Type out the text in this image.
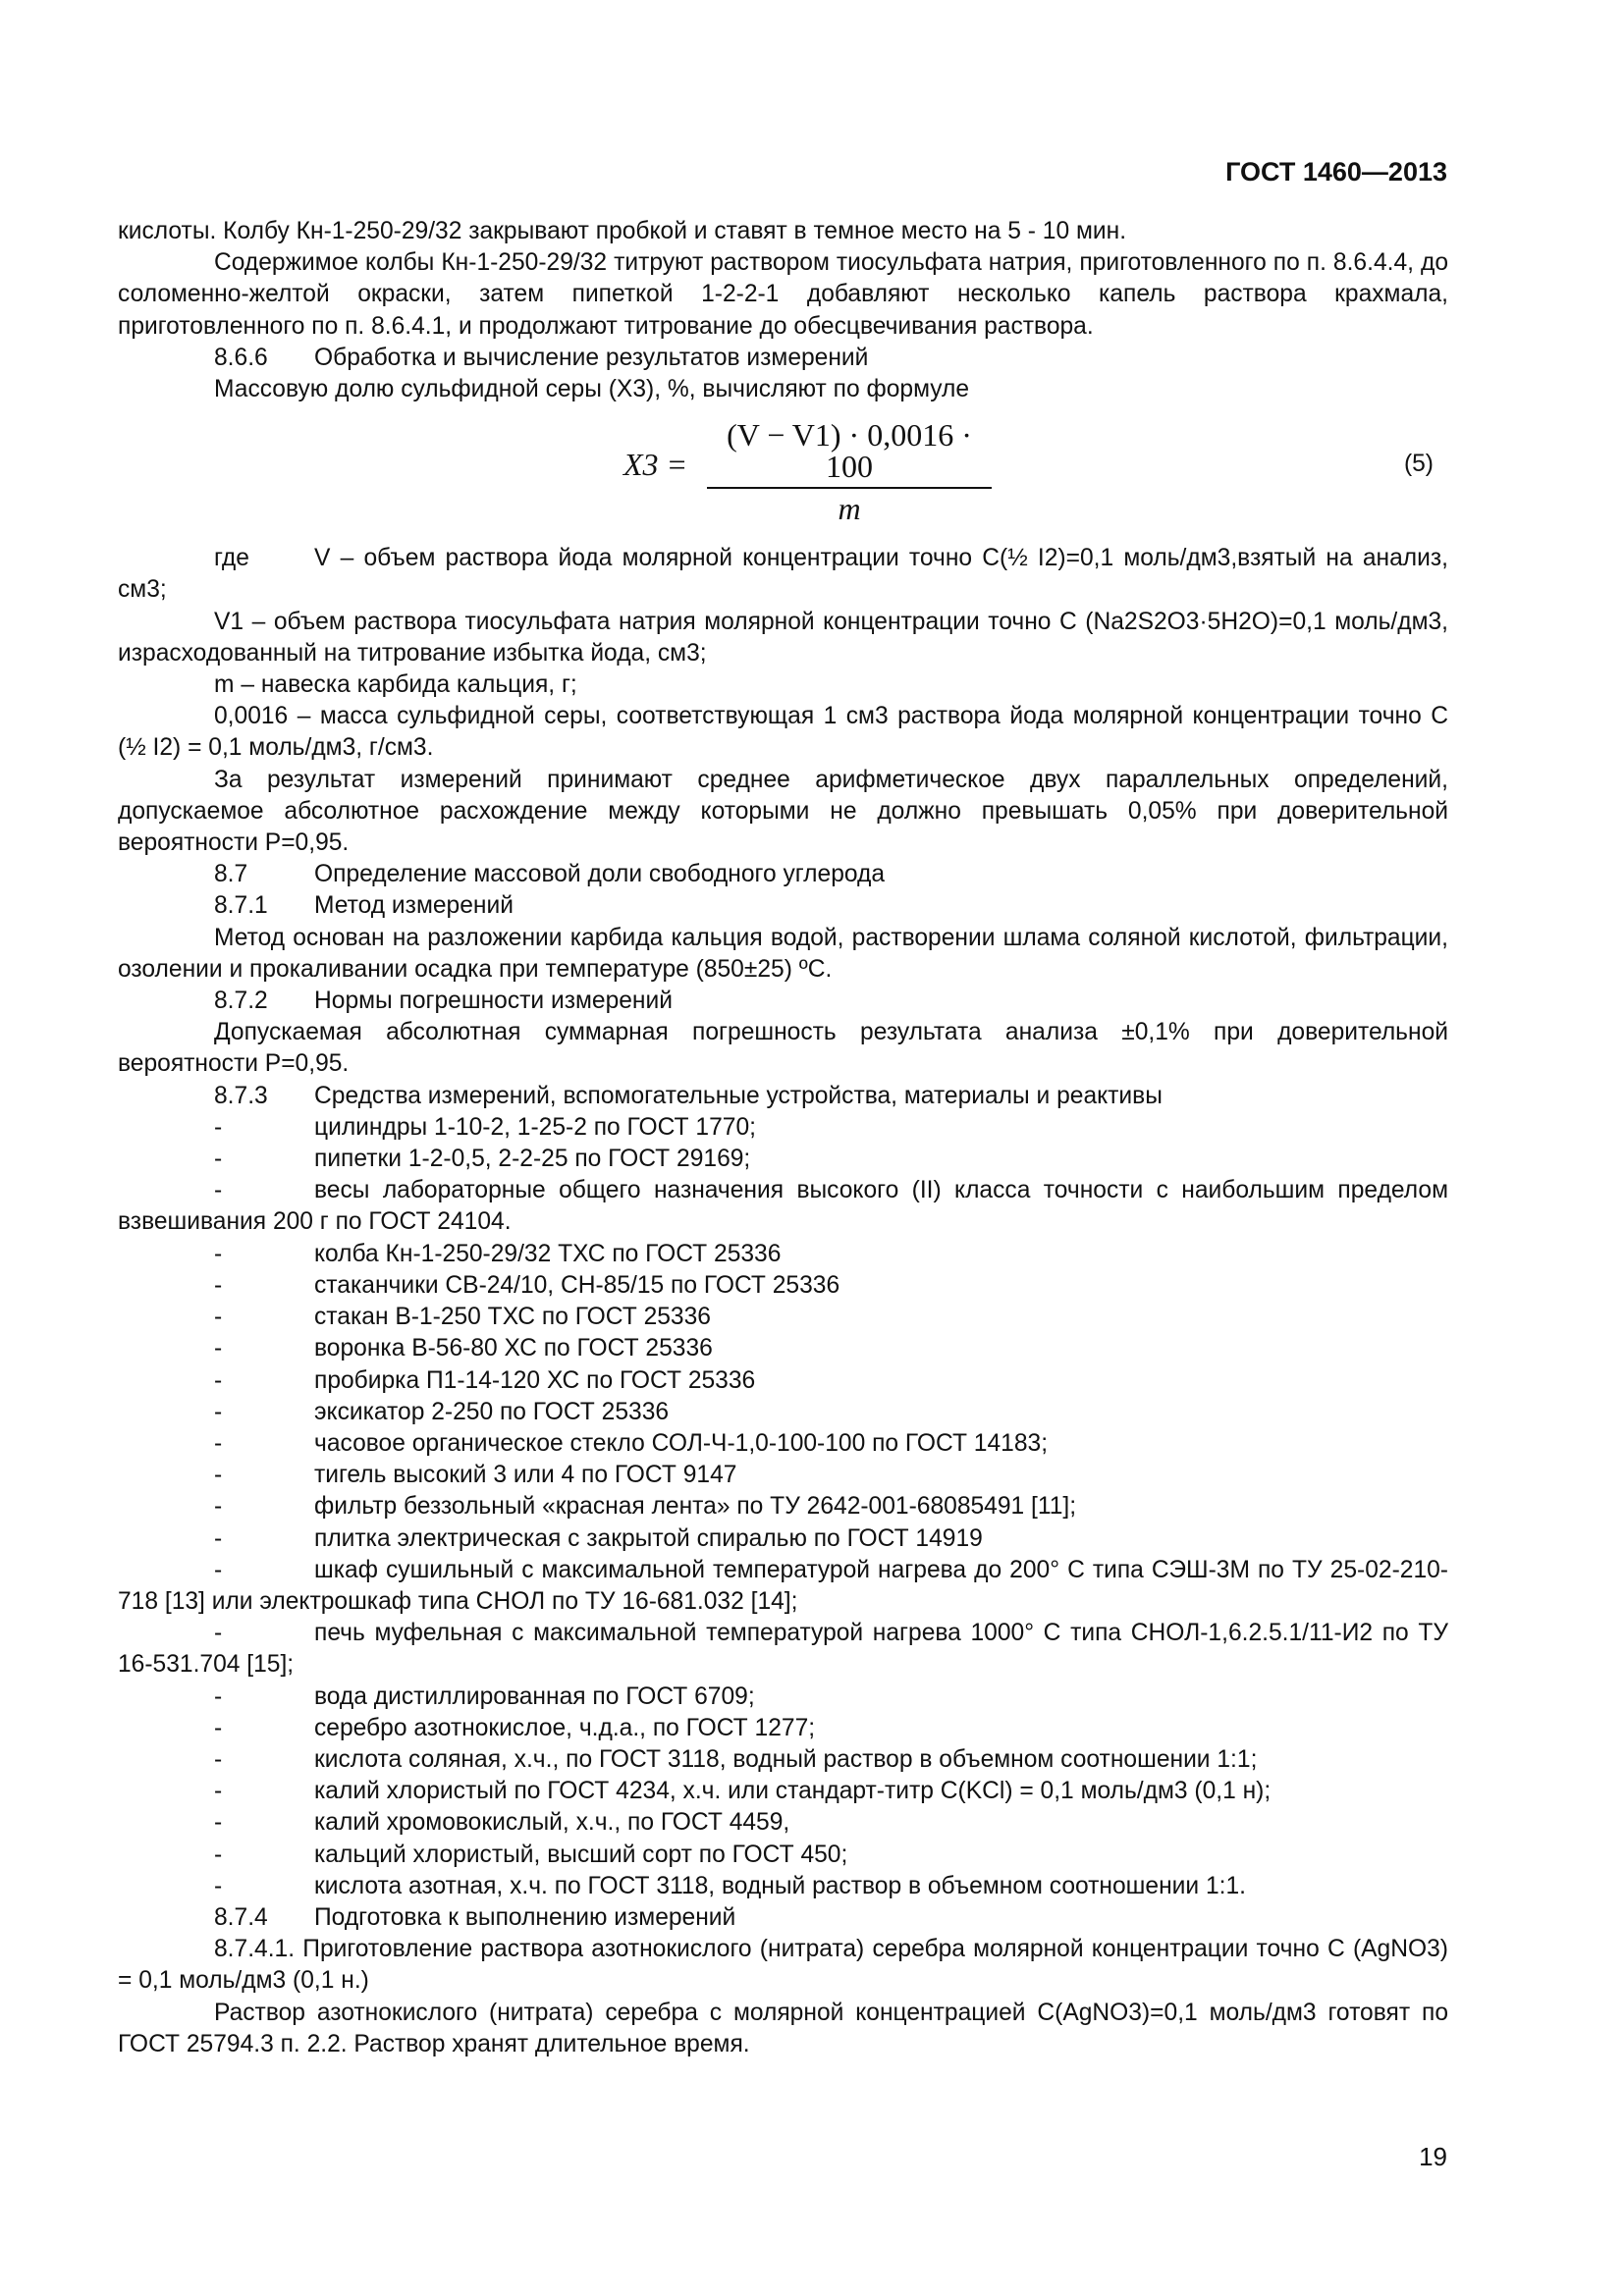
ГОСТ 1460—2013

кислоты. Колбу Кн-1-250-29/32 закрывают пробкой и ставят в темное место на 5 - 10 мин.

Содержимое колбы Кн-1-250-29/32 титруют раствором тиосульфата натрия, приготовленного по п. 8.6.4.4, до соломенно-желтой окраски, затем пипеткой 1-2-2-1 добавляют несколько капель раствора крахмала, приготовленного по п. 8.6.4.1, и продолжают титрование до обесцвечивания раствора.

8.6.6 Обработка и вычисление результатов измерений

Массовую долю сульфидной серы (X3), %, вычисляют по формуле

$X3 = \frac{(V - V1) \cdot 0,0016 \cdot 100}{m}$	(5)

где	V – объем раствора йода молярной концентрации точно C(½ I2)=0,1 моль/дм3,взятый на анализ, см3;

V1 – объем раствора тиосульфата натрия молярной концентрации точно C (Na2S2O3·5H2O)=0,1 моль/дм3, израсходованный на титрование избытка йода, см3;

m – навеска карбида кальция, г;

0,0016 – масса сульфидной серы, соответствующая 1 см3 раствора йода молярной концентрации точно C (½ I2) = 0,1 моль/дм3, г/см3.

За результат измерений принимают среднее арифметическое двух параллельных определений, допускаемое абсолютное расхождение между которыми не должно превышать 0,05% при доверительной вероятности P=0,95.

8.7	Определение массовой доли свободного углерода

8.7.1 Метод измерений

Метод основан на разложении карбида кальция водой, растворении шлама соляной кислотой, фильтрации, озолении и прокаливании осадка при температуре (850±25) ºС.

8.7.2 Нормы погрешности измерений

Допускаемая абсолютная суммарная погрешность результата анализа ±0,1% при доверительной вероятности P=0,95.

8.7.3 Средства измерений, вспомогательные устройства, материалы и реактивы

-	цилиндры 1-10-2, 1-25-2 по ГОСТ 1770;

-	пипетки 1-2-0,5, 2-2-25 по ГОСТ 29169;

-	весы лабораторные общего назначения высокого (II) класса точности с наибольшим пределом взвешивания 200 г по ГОСТ 24104.

-	колба Кн-1-250-29/32 ТХС по ГОСТ 25336

-	стаканчики СВ-24/10, СН-85/15 по ГОСТ 25336

-	стакан В-1-250 ТХС по ГОСТ 25336

-	воронка В-56-80 ХС по ГОСТ 25336

-	пробирка П1-14-120 ХС по ГОСТ 25336

-	эксикатор 2-250 по ГОСТ 25336

-	часовое органическое стекло СОЛ-Ч-1,0-100-100 по ГОСТ 14183;

-	тигель высокий 3 или 4 по ГОСТ 9147

-	фильтр беззольный «красная лента» по ТУ 2642-001-68085491 [11];

-	плитка электрическая с закрытой спиралью по ГОСТ 14919

-	шкаф сушильный с максимальной температурой нагрева до 200° С типа СЭШ-3М по ТУ 25-02-210-718 [13] или электрошкаф типа СНОЛ по ТУ 16-681.032 [14];

-	печь муфельная с максимальной температурой нагрева 1000° С типа СНОЛ-1,6.2.5.1/11-И2 по ТУ 16-531.704 [15];

-	вода дистиллированная по ГОСТ 6709;

-	серебро азотнокислое, ч.д.а., по ГОСТ 1277;

-	кислота соляная, х.ч., по ГОСТ 3118, водный раствор в объемном соотношении 1:1;

-	калий хлористый по ГОСТ 4234, х.ч. или стандарт-титр С(KCl) = 0,1 моль/дм3 (0,1 н);

-	калий хромовокислый, х.ч., по ГОСТ 4459,

-	кальций хлористый, высший сорт по ГОСТ 450;

-	кислота азотная, х.ч. по ГОСТ 3118, водный раствор в объемном соотношении 1:1.

8.7.4 Подготовка к выполнению измерений

8.7.4.1. Приготовление раствора азотнокислого (нитрата) серебра молярной концентрации точно C (AgNO3) = 0,1 моль/дм3 (0,1 н.)

Раствор азотнокислого (нитрата) серебра с молярной концентрацией C(AgNO3)=0,1 моль/дм3 готовят по ГОСТ 25794.3 п. 2.2. Раствор хранят длительное время.

19
